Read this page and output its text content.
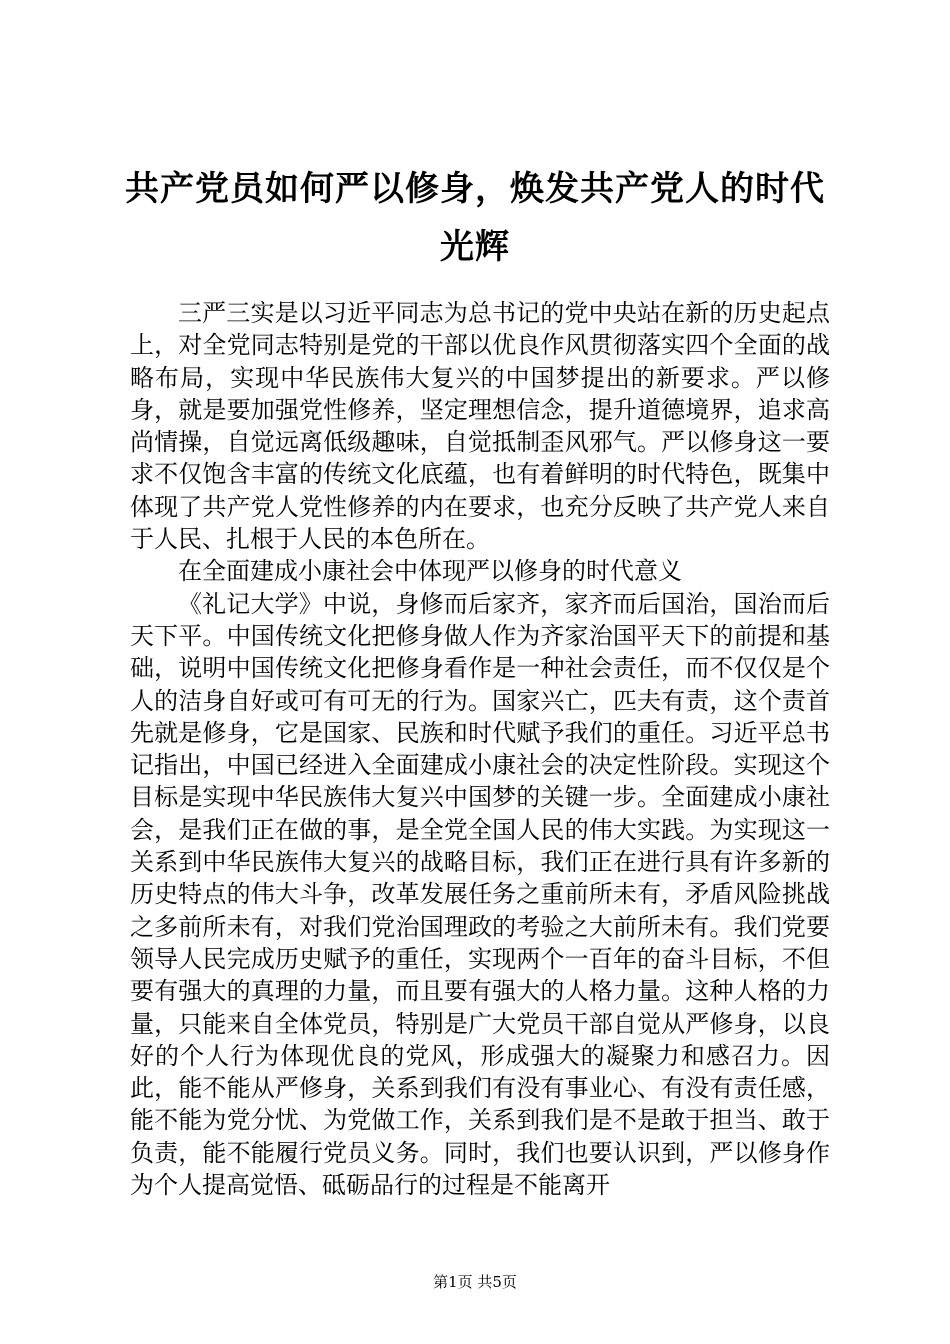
共产党员如何严以修身，焕发共产党人的时代光辉

三严三实是以习近平同志为总书记的党中央站在新的历史起点上，对全党同志特别是党的干部以优良作风贯彻落实四个全面的战略布局，实现中华民族伟大复兴的中国梦提出的新要求。严以修身，就是要加强党性修养，坚定理想信念，提升道德境界，追求高尚情操，自觉远离低级趣味，自觉抵制歪风邪气。严以修身这一要求不仅饱含丰富的传统文化底蕴，也有着鲜明的时代特色，既集中体现了共产党人党性修养的内在要求，也充分反映了共产党人来自于人民、扎根于人民的本色所在。

在全面建成小康社会中体现严以修身的时代意义

《礼记大学》中说，身修而后家齐，家齐而后国治，国治而后天下平。中国传统文化把修身做人作为齐家治国平天下的前提和基础，说明中国传统文化把修身看作是一种社会责任，而不仅仅是个人的洁身自好或可有可无的行为。国家兴亡，匹夫有责，这个责首先就是修身，它是国家、民族和时代赋予我们的重任。习近平总书记指出，中国已经进入全面建成小康社会的决定性阶段。实现这个目标是实现中华民族伟大复兴中国梦的关键一步。全面建成小康社会，是我们正在做的事，是全党全国人民的伟大实践。为实现这一关系到中华民族伟大复兴的战略目标，我们正在进行具有许多新的历史特点的伟大斗争，改革发展任务之重前所未有，矛盾风险挑战之多前所未有，对我们党治国理政的考验之大前所未有。我们党要领导人民完成历史赋予的重任，实现两个一百年的奋斗目标，不但要有强大的真理的力量，而且要有强大的人格力量。这种人格的力量，只能来自全体党员，特别是广大党员干部自觉从严修身，以良好的个人行为体现优良的党风，形成强大的凝聚力和感召力。因此，能不能从严修身，关系到我们有没有事业心、有没有责任感，能不能为党分忧、为党做工作，关系到我们是不是敢于担当、敢于负责，能不能履行党员义务。同时，我们也要认识到，严以修身作为个人提高觉悟、砥砺品行的过程是不能离开

第1页 共5页
